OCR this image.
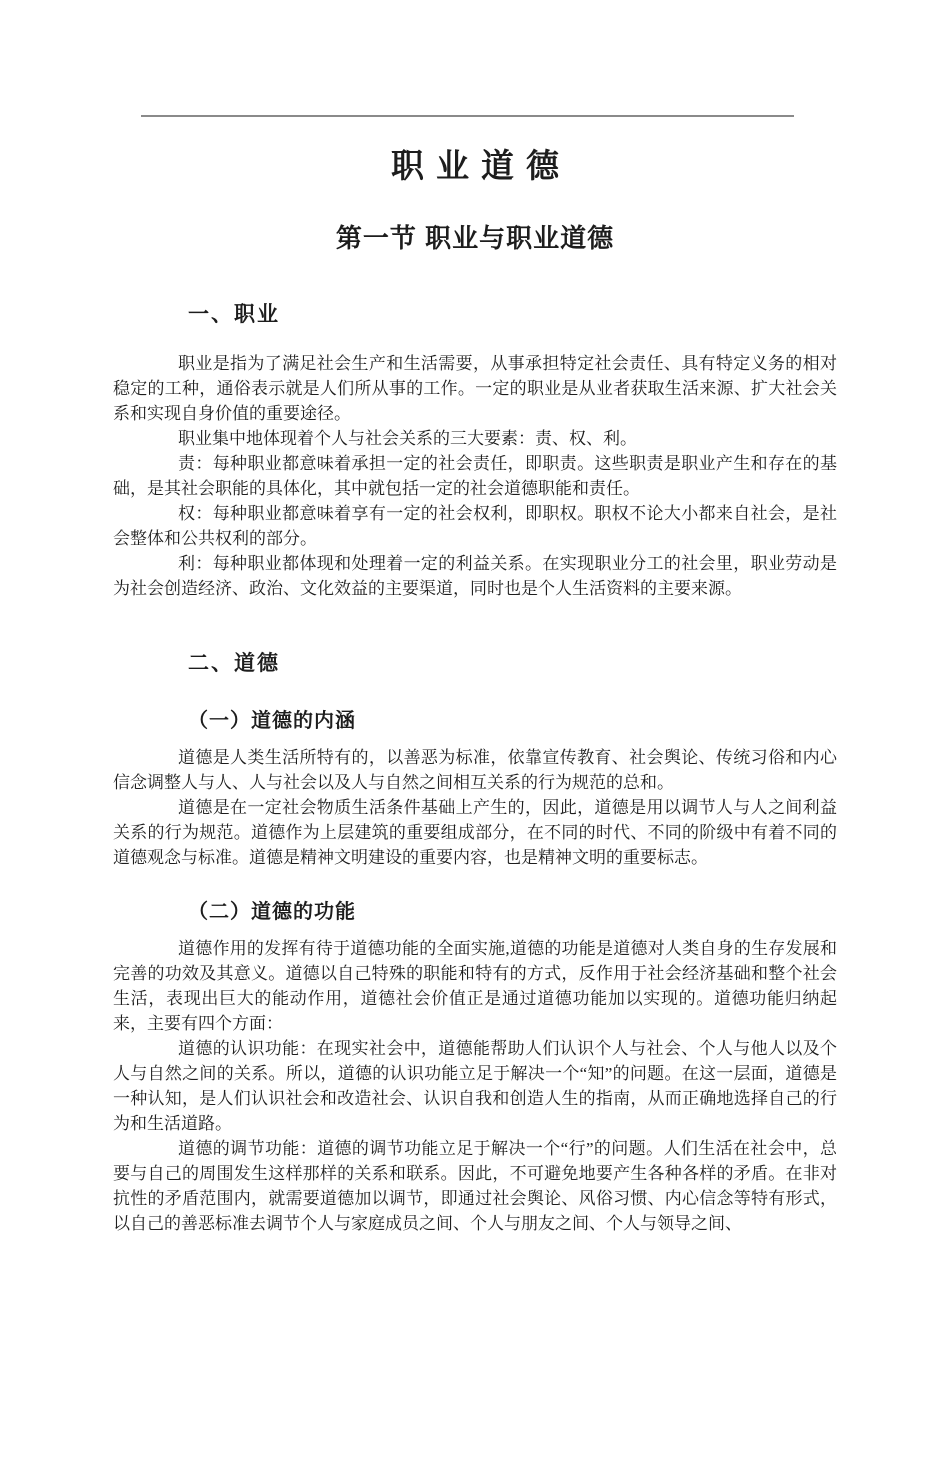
职业道德
第一节 职业与职业道德
一、职业

职业是指为了满足社会生产和生活需要，从事承担特定社会责任、具有特定义务的相对稳定的工种，通俗表示就是人们所从事的工作。一定的职业是从业者获取生活来源、扩大社会关系和实现自身价值的重要途径。

职业集中地体现着个人与社会关系的三大要素：责、权、利。

责：每种职业都意味着承担一定的社会责任，即职责。这些职责是职业产生和存在的基础，是其社会职能的具体化，其中就包括一定的社会道德职能和责任。

权：每种职业都意味着享有一定的社会权利，即职权。职权不论大小都来自社会，是社会整体和公共权利的部分。

利：每种职业都体现和处理着一定的利益关系。在实现职业分工的社会里，职业劳动是为社会创造经济、政治、文化效益的主要渠道，同时也是个人生活资料的主要来源。

二、道德
（一）道德的内涵

道德是人类生活所特有的，以善恶为标准，依靠宣传教育、社会舆论、传统习俗和内心信念调整人与人、人与社会以及人与自然之间相互关系的行为规范的总和。

道德是在一定社会物质生活条件基础上产生的，因此，道德是用以调节人与人之间利益关系的行为规范。道德作为上层建筑的重要组成部分，在不同的时代、不同的阶级中有着不同的道德观念与标准。道德是精神文明建设的重要内容，也是精神文明的重要标志。

（二）道德的功能

道德作用的发挥有待于道德功能的全面实施,道德的功能是道德对人类自身的生存发展和完善的功效及其意义。道德以自己特殊的职能和特有的方式，反作用于社会经济基础和整个社会生活，表现出巨大的能动作用，道德社会价值正是通过道德功能加以实现的。道德功能归纳起来，主要有四个方面：

道德的认识功能：在现实社会中，道德能帮助人们认识个人与社会、个人与他人以及个人与自然之间的关系。所以，道德的认识功能立足于解决一个“知”的问题。在这一层面，道德是一种认知，是人们认识社会和改造社会、认识自我和创造人生的指南，从而正确地选择自己的行为和生活道路。

道德的调节功能：道德的调节功能立足于解决一个“行”的问题。人们生活在社会中，总要与自己的周围发生这样那样的关系和联系。因此，不可避免地要产生各种各样的矛盾。在非对抗性的矛盾范围内，就需要道德加以调节，即通过社会舆论、风俗习惯、内心信念等特有形式，以自己的善恶标准去调节个人与家庭成员之间、个人与朋友之间、个人与领导之间、
